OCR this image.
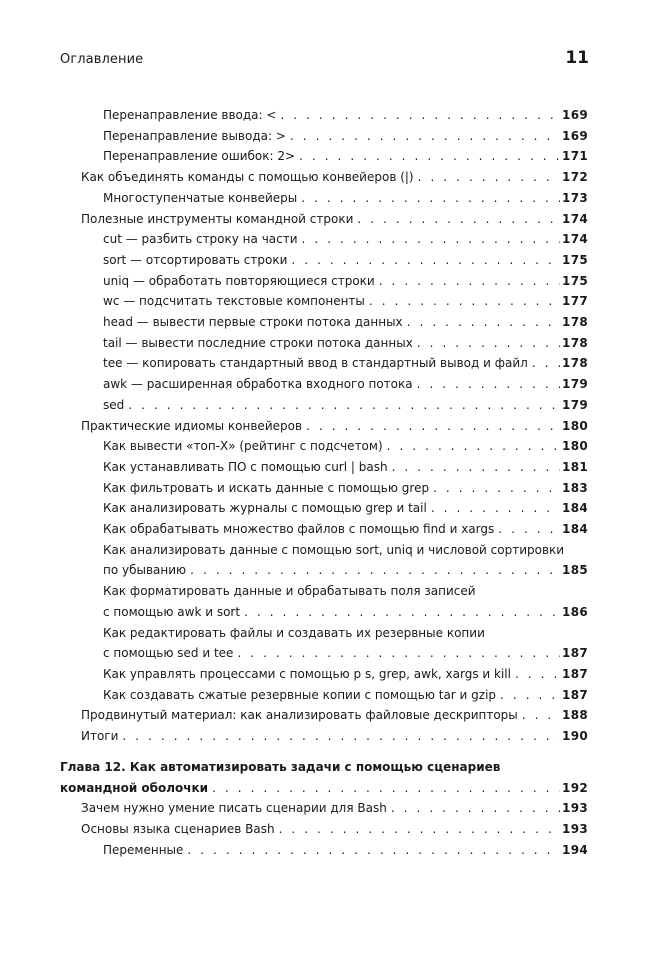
Оглавление	11
Перенаправление ввода: < . . .	169
Перенаправление вывода: > . . .	169
Перенаправление ошибок: 2> . . .	171
Как объединять команды с помощью конвейеров (|) . . .	172
Многоступенчатые конвейеры . . .	173
Полезные инструменты командной строки . . .	174
cut — разбить строку на части . . .	174
sort — отсортировать строки . . .	175
uniq — обработать повторяющиеся строки . . .	175
wc — подсчитать текстовые компоненты . . .	177
head — вывести первые строки потока данных . . .	178
tail — вывести последние строки потока данных . . .	178
tee — копировать стандартный ввод в стандартный вывод и файл . . .	178
awk — расширенная обработка входного потока . . .	179
sed . . .	179
Практические идиомы конвейеров . . .	180
Как вывести «топ-X» (рейтинг с подсчетом) . . .	180
Как устанавливать ПО с помощью curl | bash . . .	181
Как фильтровать и искать данные с помощью grep . . .	183
Как анализировать журналы с помощью grep и tail . . .	184
Как обрабатывать множество файлов с помощью find и xargs . . .	184
Как анализировать данные с помощью sort, uniq и числовой сортировки
по убыванию . . .	185
Как форматировать данные и обрабатывать поля записей
с помощью awk и sort . . .	186
Как редактировать файлы и создавать их резервные копии
с помощью sed и tee . . .	187
Как управлять процессами с помощью p s, grep, awk, xargs и kill . . .	187
Как создавать сжатые резервные копии с помощью tar и gzip . . .	187
Продвинутый материал: как анализировать файловые дескрипторы . . .	188
Итоги . . .	190
Глава 12. Как автоматизировать задачи с помощью сценариев
командной оболочки . . .	192
Зачем нужно умение писать сценарии для Bash . . .	193
Основы языка сценариев Bash . . .	193
Переменные . . .	194
